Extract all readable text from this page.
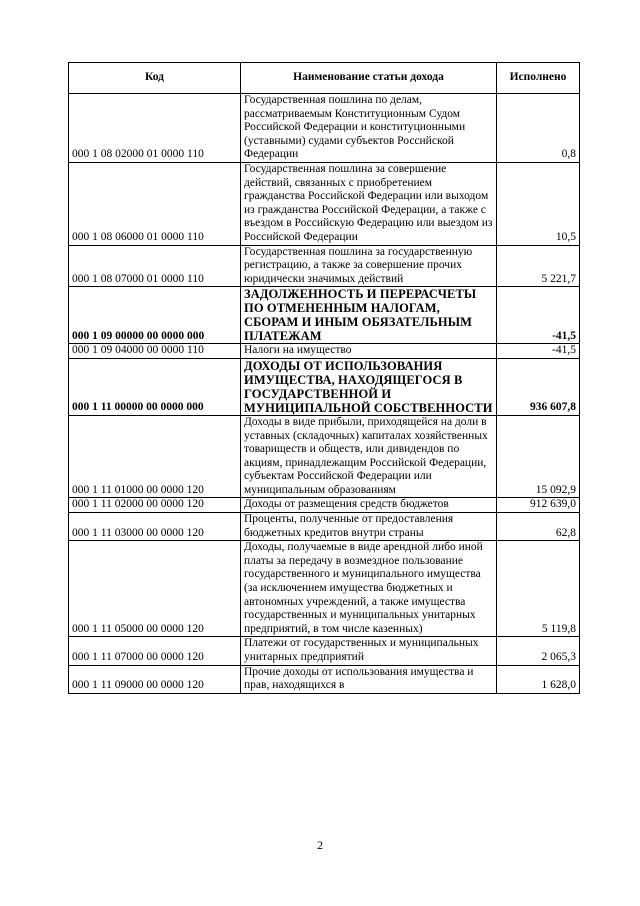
Код	Наименование статьи дохода	Исполнено
000 1 08 02000 01 0000 110	Государственная пошлина по делам, рассматриваемым Конституционным Судом Российской Федерации и конституционными (уставными) судами субъектов Российской Федерации	0,8
000 1 08 06000 01 0000 110	Государственная пошлина за совершение действий, связанных с приобретением гражданства Российской Федерации или выходом из гражданства Российской Федерации, а также с въездом в Российскую Федерацию или выездом из Российской Федерации	10,5
000 1 08 07000 01 0000 110	Государственная пошлина за государственную регистрацию, а также за совершение прочих юридически значимых действий	5 221,7
000 1 09 00000 00 0000 000	ЗАДОЛЖЕННОСТЬ И ПЕРЕРАСЧЕТЫ ПО ОТМЕНЕННЫМ НАЛОГАМ, СБОРАМ И ИНЫМ ОБЯЗАТЕЛЬНЫМ ПЛАТЕЖАМ	-41,5
000 1 09 04000 00 0000 110	Налоги на имущество	-41,5
000 1 11 00000 00 0000 000	ДОХОДЫ ОТ ИСПОЛЬЗОВАНИЯ ИМУЩЕСТВА, НАХОДЯЩЕГОСЯ В ГОСУДАРСТВЕННОЙ И МУНИЦИПАЛЬНОЙ СОБСТВЕННОСТИ	936 607,8
000 1 11 01000 00 0000 120	Доходы в виде прибыли, приходящейся на доли в уставных (складочных) капиталах хозяйственных товариществ и обществ, или дивидендов по акциям, принадлежащим Российской Федерации, субъектам Российской Федерации или муниципальным образованиям	15 092,9
000 1 11 02000 00 0000 120	Доходы от размещения средств бюджетов	912 639,0
000 1 11 03000 00 0000 120	Проценты, полученные от предоставления бюджетных кредитов внутри страны	62,8
000 1 11 05000 00 0000 120	Доходы, получаемые в виде арендной либо иной платы за передачу в возмездное пользование государственного и муниципального имущества (за исключением имущества бюджетных и автономных учреждений, а также имущества государственных и муниципальных унитарных предприятий, в том числе казенных)	5 119,8
000 1 11 07000 00 0000 120	Платежи от государственных и муниципальных унитарных предприятий	2 065,3
000 1 11 09000 00 0000 120	Прочие доходы от использования имущества и прав, находящихся в	1 628,0
2
